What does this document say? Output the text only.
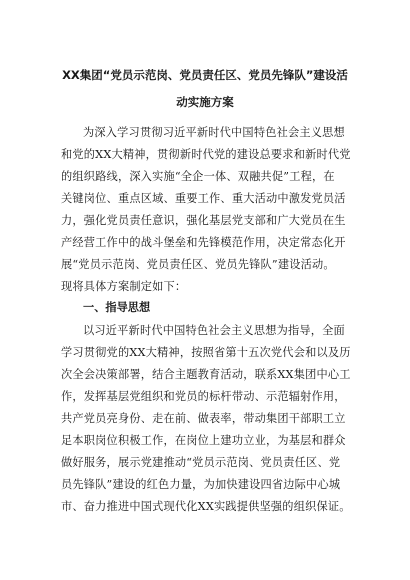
XX集团“党员示范岗、党员责任区、党员先锋队”建设活
动实施方案
为深入学习贯彻习近平新时代中国特色社会主义思想
和党的XX大精神，贯彻新时代党的建设总要求和新时代党
的组织路线，深入实施“全企一体、双融共促”工程，在
关键岗位、重点区域、重要工作、重大活动中激发党员活
力，强化党员责任意识，强化基层党支部和广大党员在生
产经营工作中的战斗堡垒和先锋模范作用，决定常态化开
展“党员示范岗、党员责任区、党员先锋队”建设活动。
现将具体方案制定如下：
一、指导思想
以习近平新时代中国特色社会主义思想为指导，全面
学习贯彻党的XX大精神，按照省第十五次党代会和以及历
次全会决策部署，结合主题教育活动，联系XX集团中心工
作，发挥基层党组织和党员的标杆带动、示范辐射作用，
共产党员亮身份、走在前、做表率，带动集团干部职工立
足本职岗位积极工作，在岗位上建功立业，为基层和群众
做好服务，展示党建推动“党员示范岗、党员责任区、党
员先锋队”建设的红色力量，为加快建设四省边际中心城
市、奋力推进中国式现代化XX实践提供坚强的组织保证。
